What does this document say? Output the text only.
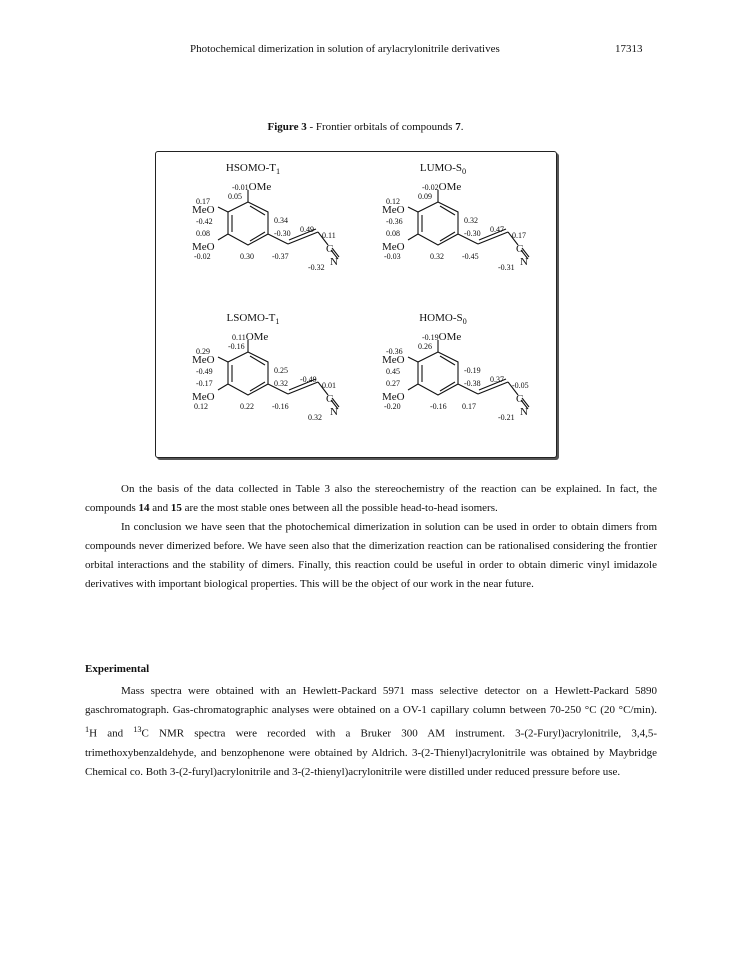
Photochemical dimerization in solution of arylacrylonitrile derivatives	17313
Figure 3 - Frontier orbitals of compounds 7.
HSOMO-$T_1$
-0.01OMe
0.17
0.05
MeO
-0.42	0.34
0.08	-0.30 0.49
0.11
MeO
-0.02	0.30 -0.37
C
-0.32 N
LUMO-$S_0$
-0.02OMe
0.12
0.09
MeO
-0.36	0.32
0.08	-0.30 0.47
0.17
MeO
-0.03	0.32 -0.45
C
-0.31 N
LSOMO-$T_1$
0.11OMe
0.29
-0.16
MeO
-0.49	0.25
-0.17	0.32 -0.49
0.01
MeO
0.12	0.22 -0.16
C
0.32 N
HOMO-$S_0$
-0.19OMe
-0.36
0.26
MeO
0.45	-0.19
0.27	-0.38 0.37
-0.05
MeO
-0.20	-0.16 0.17
C
-0.21 N

On the basis of the data collected in Table 3 also the stereochemistry of the reaction can be explained. In fact, the compounds 14 and 15 are the most stable ones between all the possible head-to-head isomers.

In conclusion we have seen that the photochemical dimerization in solution can be used in order to obtain dimers from compounds never dimerized before. We have seen also that the dimerization reaction can be rationalised considering the frontier orbital interactions and the stability of dimers. Finally, this reaction could be useful in order to obtain dimeric vinyl imidazole derivatives with important biological properties. This will be the object of our work in the near future.

Experimental

Mass spectra were obtained with an Hewlett-Packard 5971 mass selective detector on a Hewlett-Packard 5890 gaschromatograph. Gas-chromatographic analyses were obtained on a OV-1 capillary column between 70-250 °C (20 °C/min). $^1$H and $^{13}$C NMR spectra were recorded with a Bruker 300 AM instrument. 3-(2-Furyl)acrylonitrile, 3,4,5-trimethoxybenzaldehyde, and benzophenone were obtained by Aldrich. 3-(2-Thienyl)acrylonitrile was obtained by Maybridge Chemical co. Both 3-(2-furyl)acrylonitrile and 3-(2-thienyl)acrylonitrile were distilled under reduced pressure before use.
